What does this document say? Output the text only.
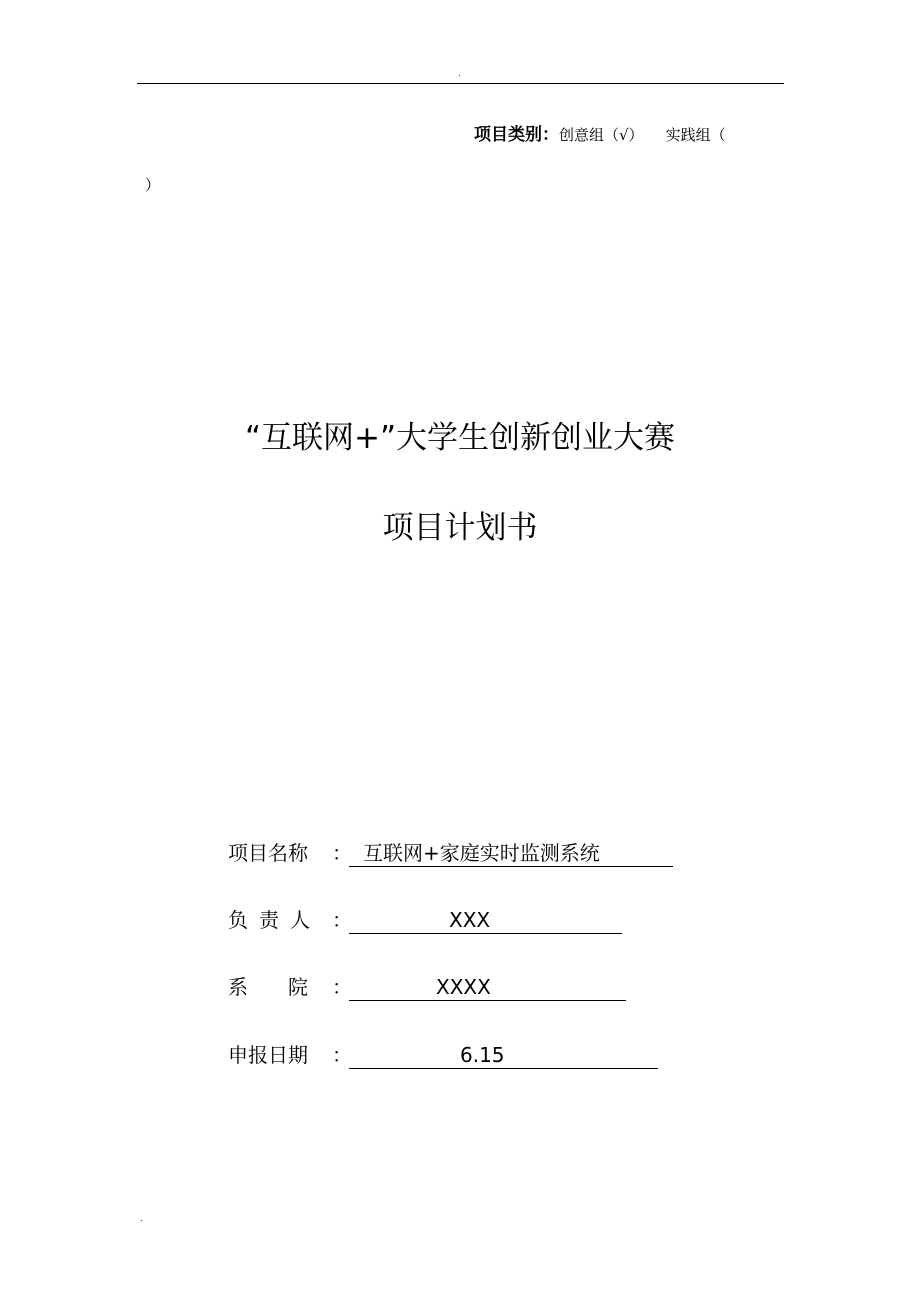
.
项目类别：创意组（√） 实践组（
）
“互联网+”大学生创新创业大赛
项目计划书
项目名称 ： 互联网+家庭实时监测系统
负责人 ：	XXX
系　　院 ：	XXXX
申报日期 ：	6.15
.
